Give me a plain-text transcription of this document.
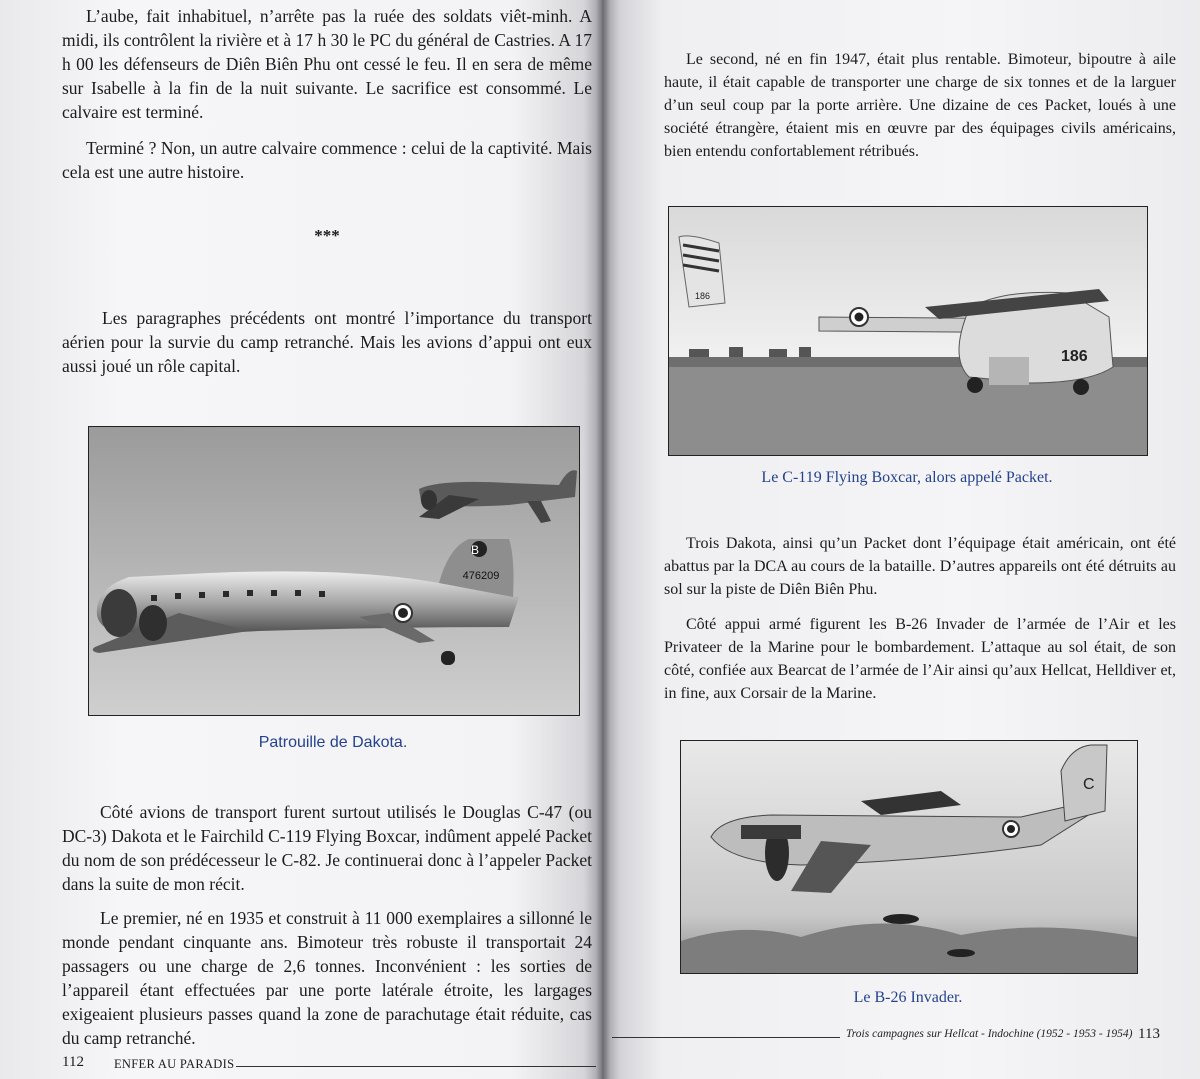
L’aube, fait inhabituel, n’arrête pas la ruée des soldats viêt-minh. A midi, ils contrôlent la rivière et à 17 h 30 le PC du général de Castries. A 17 h 00 les défenseurs de Diên Biên Phu ont cessé le feu. Il en sera de même sur Isabelle à la fin de la nuit suivante. Le sacrifice est consommé. Le calvaire est terminé.

Terminé ? Non, un autre calvaire commence : celui de la captivité. Mais cela est une autre histoire.

***

Les paragraphes précédents ont montré l’importance du transport aérien pour la survie du camp retranché. Mais les avions d’appui ont eux aussi joué un rôle capital.

B
476209
Patrouille de Dakota.

Côté avions de transport furent surtout utilisés le Douglas C-47 (ou DC-3) Dakota et le Fairchild C-119 Flying Boxcar, indûment appelé Packet du nom de son prédécesseur le C-82. Je continuerai donc à l’appeler Packet dans la suite de mon récit.

Le premier, né en 1935 et construit à 11 000 exemplaires a sillonné le monde pendant cinquante ans. Bimoteur très robuste il transportait 24 passagers ou une charge de 2,6 tonnes. Inconvénient : les sorties de l’appareil étant effectuées par une porte latérale étroite, les largages exigeaient plusieurs passes quand la zone de parachutage était réduite, cas du camp retranché.

112 ENFER AU PARADIS

Le second, né en fin 1947, était plus rentable. Bimoteur, bipoutre à aile haute, il était capable de transporter une charge de six tonnes et de la larguer d’un seul coup par la porte arrière. Une dizaine de ces Packet, loués à une société étrangère, étaient mis en œuvre par des équipages civils américains, bien entendu confortablement rétribués.

186
186
Le C-119 Flying Boxcar, alors appelé Packet.

Trois Dakota, ainsi qu’un Packet dont l’équipage était américain, ont été abattus par la DCA au cours de la bataille. D’autres appareils ont été détruits au sol sur la piste de Diên Biên Phu.

Côté appui armé figurent les B-26 Invader de l’armée de l’Air et les Privateer de la Marine pour le bombardement. L’attaque au sol était, de son côté, confiée aux Bearcat de l’armée de l’Air ainsi qu’aux Hellcat, Helldiver et, in fine, aux Corsair de la Marine.

C
Le B-26 Invader.
Trois campagnes sur Hellcat - Indochine (1952 - 1953 - 1954) 113
